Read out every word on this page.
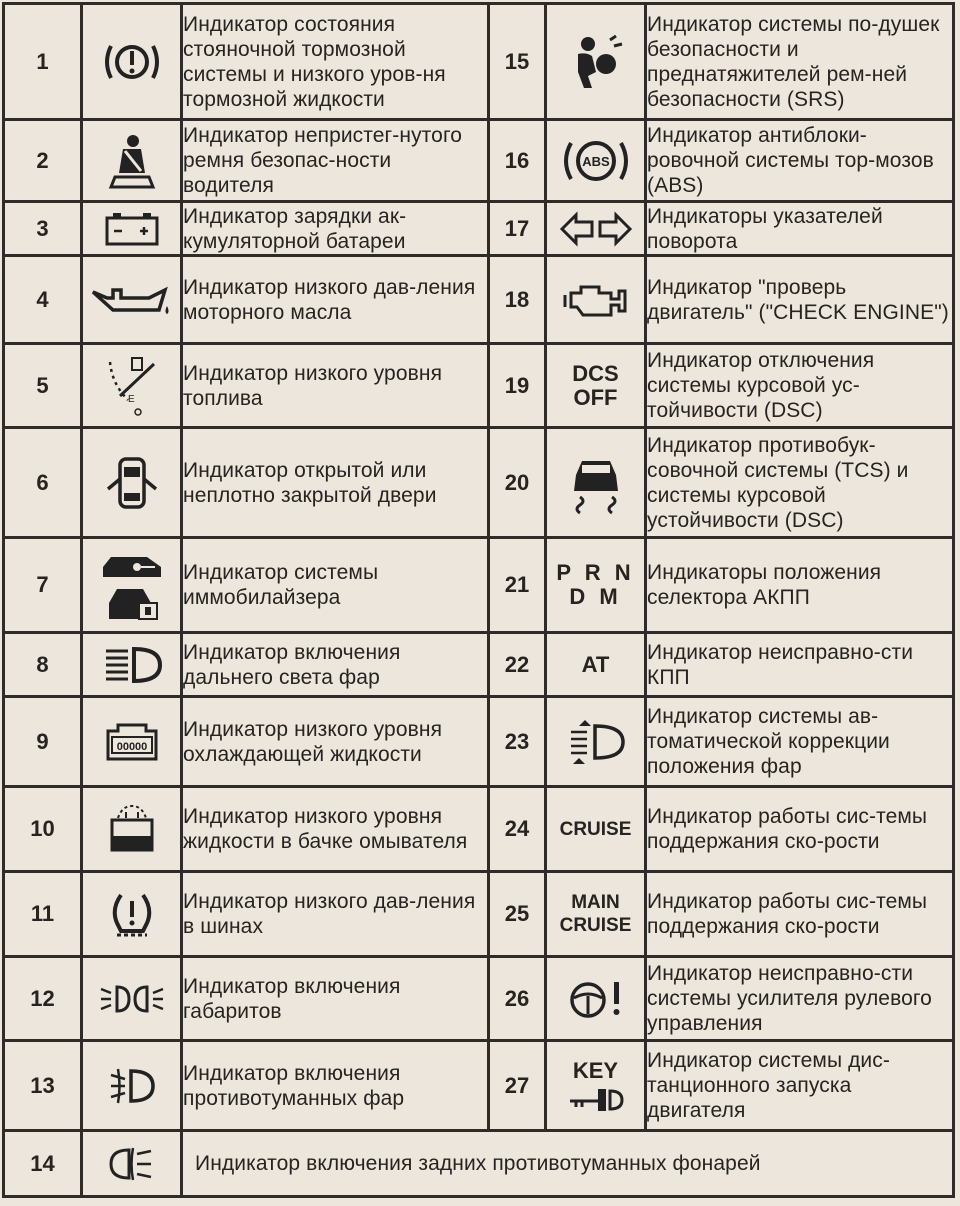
1		Индикатор состояния стояночной тормозной системы и низкого уров-ня тормозной жидкости	15		Индикатор системы по-душек безопасности и преднатяжителей рем-ней безопасности (SRS)
2		Индикатор непристег-нутого ремня безопас-ности водителя	16	ABS	Индикатор антиблоки-ровочной системы тор-мозов (ABS)
3		Индикатор зарядки ак-кумуляторной батареи	17		Индикаторы указателей поворота
4		Индикатор низкого дав-ления моторного масла	18		Индикатор "проверь двигатель" ("CHECK ENGINE")
5	E	Индикатор низкого уровня топлива	19	DCS OFF	Индикатор отключения системы курсовой ус-тойчивости (DSC)
6		Индикатор открытой или неплотно закрытой двери	20		Индикатор противобук-совочной системы (TCS) и системы курсовой устойчивости (DSC)
7		Индикатор системы иммобилайзера	21	P R N D M	Индикаторы положения селектора АКПП
8		Индикатор включения дальнего света фар	22	AT	Индикатор неисправно-сти КПП
9	00000	Индикатор низкого уровня охлаждающей жидкости	23		Индикатор системы ав-томатической коррекции положения фар
10		Индикатор низкого уровня жидкости в бачке омывателя	24	CRUISE	Индикатор работы сис-темы поддержания ско-рости
11		Индикатор низкого дав-ления в шинах	25	MAIN CRUISE	Индикатор работы сис-темы поддержания ско-рости
12		Индикатор включения габаритов	26		Индикатор неисправно-сти системы усилителя рулевого управления
13		Индикатор включения противотуманных фар	27	KEY	Индикатор системы дис-танционного запуска двигателя
14		Индикатор включения задних противотуманных фонарей			
